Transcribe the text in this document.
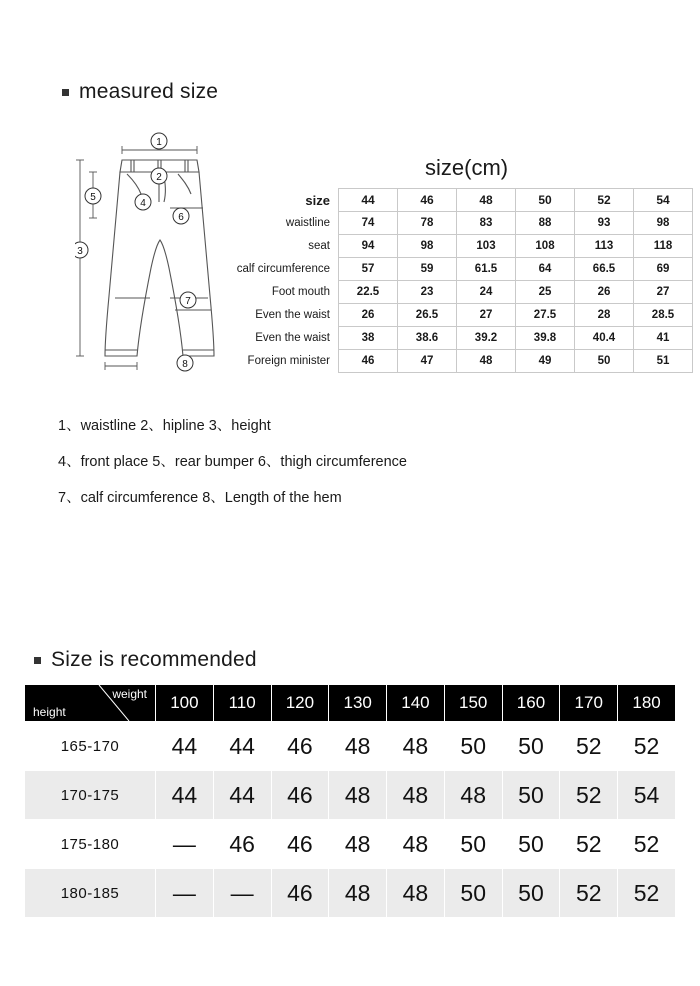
measured size
1
2
3
4
5
6
7
8
size(cm)
size	44	46	48	50	52	54
waistline	74	78	83	88	93	98
seat	94	98	103	108	113	118
calf circumference	57	59	61.5	64	66.5	69
Foot mouth	22.5	23	24	25	26	27
Even the waist	26	26.5	27	27.5	28	28.5
Even the waist	38	38.6	39.2	39.8	40.4	41
Foreign minister	46	47	48	49	50	51
1、waistline 2、hipline 3、height
4、front place 5、rear bumper 6、thigh circumference
7、calf circumference 8、Length of the hem
Size is recommended
height
weight	100	110	120	130	140	150	160	170	180
165-170	44	44	46	48	48	50	50	52	52
170-175	44	44	46	48	48	48	50	52	54
175-180	—	46	46	48	48	50	50	52	52
180-185	—	—	46	48	48	50	50	52	52
